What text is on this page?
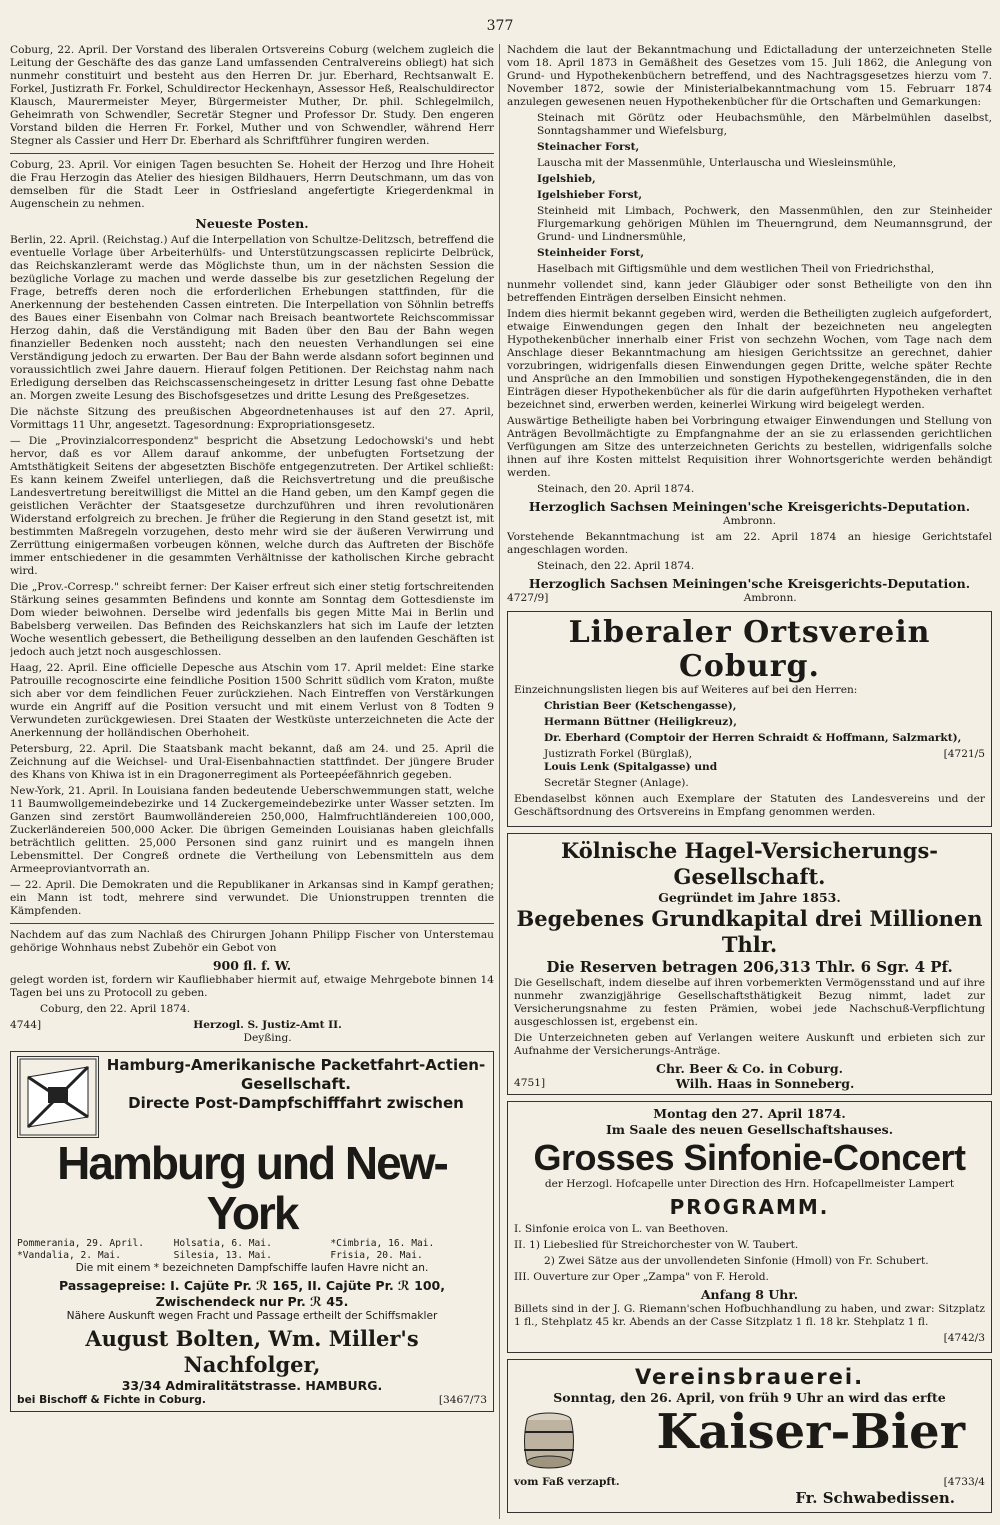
377

Coburg, 22. April. Der Vorstand des liberalen Ortsvereins Coburg (welchem zugleich die Leitung der Geschäfte des das ganze Land umfassenden Centralvereins obliegt) hat sich nunmehr constituirt und besteht aus den Herren Dr. jur. Eberhard, Rechtsanwalt E. Forkel, Justizrath Fr. Forkel, Schuldirector Heckenhayn, Assessor Heß, Realschuldirector Klausch, Maurermeister Meyer, Bürgermeister Muther, Dr. phil. Schlegelmilch, Geheimrath von Schwendler, Secretär Stegner und Professor Dr. Study. Den engeren Vorstand bilden die Herren Fr. Forkel, Muther und von Schwendler, während Herr Stegner als Cassier und Herr Dr. Eberhard als Schriftführer fungiren werden.

Coburg, 23. April. Vor einigen Tagen besuchten Se. Hoheit der Herzog und Ihre Hoheit die Frau Herzogin das Atelier des hiesigen Bildhauers, Herrn Deutschmann, um das von demselben für die Stadt Leer in Ostfriesland angefertigte Kriegerdenkmal in Augenschein zu nehmen.

Neueste Posten.

Berlin, 22. April. (Reichstag.) Auf die Interpellation von Schultze-Delitzsch, betreffend die eventuelle Vorlage über Arbeiterhülfs- und Unterstützungscassen replicirte Delbrück, das Reichskanzleramt werde das Möglichste thun, um in der nächsten Session die bezügliche Vorlage zu machen und werde dasselbe bis zur gesetzlichen Regelung der Frage, betreffs deren noch die erforderlichen Erhebungen stattfinden, für die Anerkennung der bestehenden Cassen eintreten. Die Interpellation von Söhnlin betreffs des Baues einer Eisenbahn von Colmar nach Breisach beantwortete Reichscommissar Herzog dahin, daß die Verständigung mit Baden über den Bau der Bahn wegen finanzieller Bedenken noch aussteht; nach den neuesten Verhandlungen sei eine Verständigung jedoch zu erwarten. Der Bau der Bahn werde alsdann sofort beginnen und voraussichtlich zwei Jahre dauern. Hierauf folgen Petitionen. Der Reichstag nahm nach Erledigung derselben das Reichscassenscheingesetz in dritter Lesung fast ohne Debatte an. Morgen zweite Lesung des Bischofsgesetzes und dritte Lesung des Preßgesetzes.

Die nächste Sitzung des preußischen Abgeordnetenhauses ist auf den 27. April, Vormittags 11 Uhr, angesetzt. Tagesordnung: Expropriationsgesetz.

— Die „Provinzialcorrespondenz" bespricht die Absetzung Ledochowski's und hebt hervor, daß es vor Allem darauf ankomme, der unbefugten Fortsetzung der Amtsthätigkeit Seitens der abgesetzten Bischöfe entgegenzutreten. Der Artikel schließt: Es kann keinem Zweifel unterliegen, daß die Reichsvertretung und die preußische Landesvertretung bereitwilligst die Mittel an die Hand geben, um den Kampf gegen die geistlichen Verächter der Staatsgesetze durchzuführen und ihren revolutionären Widerstand erfolgreich zu brechen. Je früher die Regierung in den Stand gesetzt ist, mit bestimmten Maßregeln vorzugehen, desto mehr wird sie der äußeren Verwirrung und Zerrüttung einigermaßen vorbeugen können, welche durch das Auftreten der Bischöfe immer entschiedener in die gesammten Verhältnisse der katholischen Kirche gebracht wird.

Die „Prov.-Corresp." schreibt ferner: Der Kaiser erfreut sich einer stetig fortschreitenden Stärkung seines gesammten Befindens und konnte am Sonntag dem Gottesdienste im Dom wieder beiwohnen. Derselbe wird jedenfalls bis gegen Mitte Mai in Berlin und Babelsberg verweilen. Das Befinden des Reichskanzlers hat sich im Laufe der letzten Woche wesentlich gebessert, die Betheiligung desselben an den laufenden Geschäften ist jedoch auch jetzt noch ausgeschlossen.

Haag, 22. April. Eine officielle Depesche aus Atschin vom 17. April meldet: Eine starke Patrouille recognoscirte eine feindliche Position 1500 Schritt südlich vom Kraton, mußte sich aber vor dem feindlichen Feuer zurückziehen. Nach Eintreffen von Verstärkungen wurde ein Angriff auf die Position versucht und mit einem Verlust von 8 Todten 9 Verwundeten zurückgewiesen. Drei Staaten der Westküste unterzeichneten die Acte der Anerkennung der holländischen Oberhoheit.

Petersburg, 22. April. Die Staatsbank macht bekannt, daß am 24. und 25. April die Zeichnung auf die Weichsel- und Ural-Eisenbahnactien stattfindet. Der jüngere Bruder des Khans von Khiwa ist in ein Dragonerregiment als Porteepéefähnrich gegeben.

New-York, 21. April. In Louisiana fanden bedeutende Ueberschwemmungen statt, welche 11 Baumwollgemeindebezirke und 14 Zuckergemeindebezirke unter Wasser setzten. Im Ganzen sind zerstört Baumwolländereien 250,000, Halmfruchtländereien 100,000, Zuckerländereien 500,000 Acker. Die übrigen Gemeinden Louisianas haben gleichfalls beträchtlich gelitten. 25,000 Personen sind ganz ruinirt und es mangeln ihnen Lebensmittel. Der Congreß ordnete die Vertheilung von Lebensmitteln aus dem Armeeproviantvorrath an.

— 22. April. Die Demokraten und die Republikaner in Arkansas sind in Kampf gerathen; ein Mann ist todt, mehrere sind verwundet. Die Unionstruppen trennten die Kämpfenden.

Nachdem auf das zum Nachlaß des Chirurgen Johann Philipp Fischer von Unterstemau gehörige Wohnhaus nebst Zubehör ein Gebot von

900 fl. f. W.

gelegt worden ist, fordern wir Kaufliebhaber hiermit auf, etwaige Mehrgebote binnen 14 Tagen bei uns zu Protocoll zu geben.

Coburg, den 22. April 1874.

4744]	Herzogl. S. Justiz-Amt II.
Deyßing.
Hamburg-Amerikanische Packetfahrt-Actien-Gesellschaft.
Directe Post-Dampfschifffahrt zwischen
Hamburg und New-York
Pommerania, 29. April.	Holsatia, 6. Mai.	*Cimbria, 16. Mai.
*Vandalia, 2. Mai.	Silesia, 13. Mai.	Frisia, 20. Mai.

Die mit einem * bezeichneten Dampfschiffe laufen Havre nicht an.

Passagepreise: I. Cajüte Pr. ℛ 165, II. Cajüte Pr. ℛ 100,
Zwischendeck nur Pr. ℛ 45.

Nähere Auskunft wegen Fracht und Passage ertheilt der Schiffsmakler

August Bolten, Wm. Miller's Nachfolger,
33/34 Admiralitätstrasse. HAMBURG.
bei Bischoff & Fichte in Coburg.	[3467/73

Nachdem die laut der Bekanntmachung und Edictalladung der unterzeichneten Stelle vom 18. April 1873 in Gemäßheit des Gesetzes vom 15. Juli 1862, die Anlegung von Grund- und Hypothekenbüchern betreffend, und des Nachtragsgesetzes hierzu vom 7. November 1872, sowie der Ministerialbekanntmachung vom 15. Februarr 1874 anzulegen gewesenen neuen Hypothekenbücher für die Ortschaften und Gemarkungen:

Steinach mit Görütz oder Heubachsmühle, den Märbelmühlen daselbst, Sonntagshammer und Wiefelsburg,

Steinacher Forst,

Lauscha mit der Massenmühle, Unterlauscha und Wiesleinsmühle,

Igelshieb,

Igelshieber Forst,

Steinheid mit Limbach, Pochwerk, den Massenmühlen, den zur Steinheider Flurgemarkung gehörigen Mühlen im Theuerngrund, dem Neumannsgrund, der Grund- und Lindnersmühle,

Steinheider Forst,

Haselbach mit Giftigsmühle und dem westlichen Theil von Friedrichsthal,

nunmehr vollendet sind, kann jeder Gläubiger oder sonst Betheiligte von den ihn betreffenden Einträgen derselben Einsicht nehmen.

Indem dies hiermit bekannt gegeben wird, werden die Betheiligten zugleich aufgefordert, etwaige Einwendungen gegen den Inhalt der bezeichneten neu angelegten Hypothekenbücher innerhalb einer Frist von sechzehn Wochen, vom Tage nach dem Anschlage dieser Bekanntmachung am hiesigen Gerichtssitze an gerechnet, dahier vorzubringen, widrigenfalls diesen Einwendungen gegen Dritte, welche später Rechte und Ansprüche an den Immobilien und sonstigen Hypothekengegenständen, die in den Einträgen dieser Hypothekenbücher als für die darin aufgeführten Hypotheken verhaftet bezeichnet sind, erwerben werden, keinerlei Wirkung wird beigelegt werden.

Auswärtige Betheiligte haben bei Vorbringung etwaiger Einwendungen und Stellung von Anträgen Bevollmächtigte zu Empfangnahme der an sie zu erlassenden gerichtlichen Verfügungen am Sitze des unterzeichneten Gerichts zu bestellen, widrigenfalls solche ihnen auf ihre Kosten mittelst Requisition ihrer Wohnortsgerichte werden behändigt werden.

Steinach, den 20. April 1874.

Herzoglich Sachsen Meiningen'sche Kreisgerichts-Deputation.

Ambronn.

Vorstehende Bekanntmachung ist am 22. April 1874 an hiesige Gerichtstafel angeschlagen worden.

Steinach, den 22. April 1874.

Herzoglich Sachsen Meiningen'sche Kreisgerichts-Deputation.
4727/9]	Ambronn.
Liberaler Ortsverein Coburg.

Einzeichnungslisten liegen bis auf Weiteres auf bei den Herren:

Christian Beer (Ketschengasse),

Hermann Büttner (Heiligkreuz),

Dr. Eberhard (Comptoir der Herren Schraidt & Hoffmann, Salzmarkt),

Justizrath Forkel (Bürglaß),	[4721/5

Louis Lenk (Spitalgasse) und

Secretär Stegner (Anlage).

Ebendaselbst können auch Exemplare der Statuten des Landesvereins und der Geschäftsordnung des Ortsvereins in Empfang genommen werden.

Kölnische Hagel-Versicherungs-Gesellschaft.
Gegründet im Jahre 1853.
Begebenes Grundkapital drei Millionen Thlr.
Die Reserven betragen 206,313 Thlr. 6 Sgr. 4 Pf.

Die Gesellschaft, indem dieselbe auf ihren vorbemerkten Vermögensstand und auf ihre nunmehr zwanzigjährige Gesellschaftsthätigkeit Bezug nimmt, ladet zur Versicherungsnahme zu festen Prämien, wobei jede Nachschuß-Verpflichtung ausgeschlossen ist, ergebenst ein.

Die Unterzeichneten geben auf Verlangen weitere Auskunft und erbieten sich zur Aufnahme der Versicherungs-Anträge.

Chr. Beer & Co. in Coburg.
4751]	Wilh. Haas in Sonneberg.
Montag den 27. April 1874.
Im Saale des neuen Gesellschaftshauses.
Grosses Sinfonie-Concert

der Herzogl. Hofcapelle unter Direction des Hrn. Hofcapellmeister Lampert

PROGRAMM.

I. Sinfonie eroica von L. van Beethoven.

II. 1) Liebeslied für Streichorchester von W. Taubert.

2) Zwei Sätze aus der unvollendeten Sinfonie (Hmoll) von Fr. Schubert.

III. Ouverture zur Oper „Zampa" von F. Herold.

Anfang 8 Uhr.

Billets sind in der J. G. Riemann'schen Hofbuchhandlung zu haben, und zwar: Sitzplatz 1 fl., Stehplatz 45 kr. Abends an der Casse Sitzplatz 1 fl. 18 kr. Stehplatz 1 fl.

[4742/3

Vereinsbrauerei.
Sonntag, den 26. April, von früh 9 Uhr an wird das erfte
Kaiser-Bier
vom Faß verzapft.	[4733/4
Fr. Schwabedissen.
